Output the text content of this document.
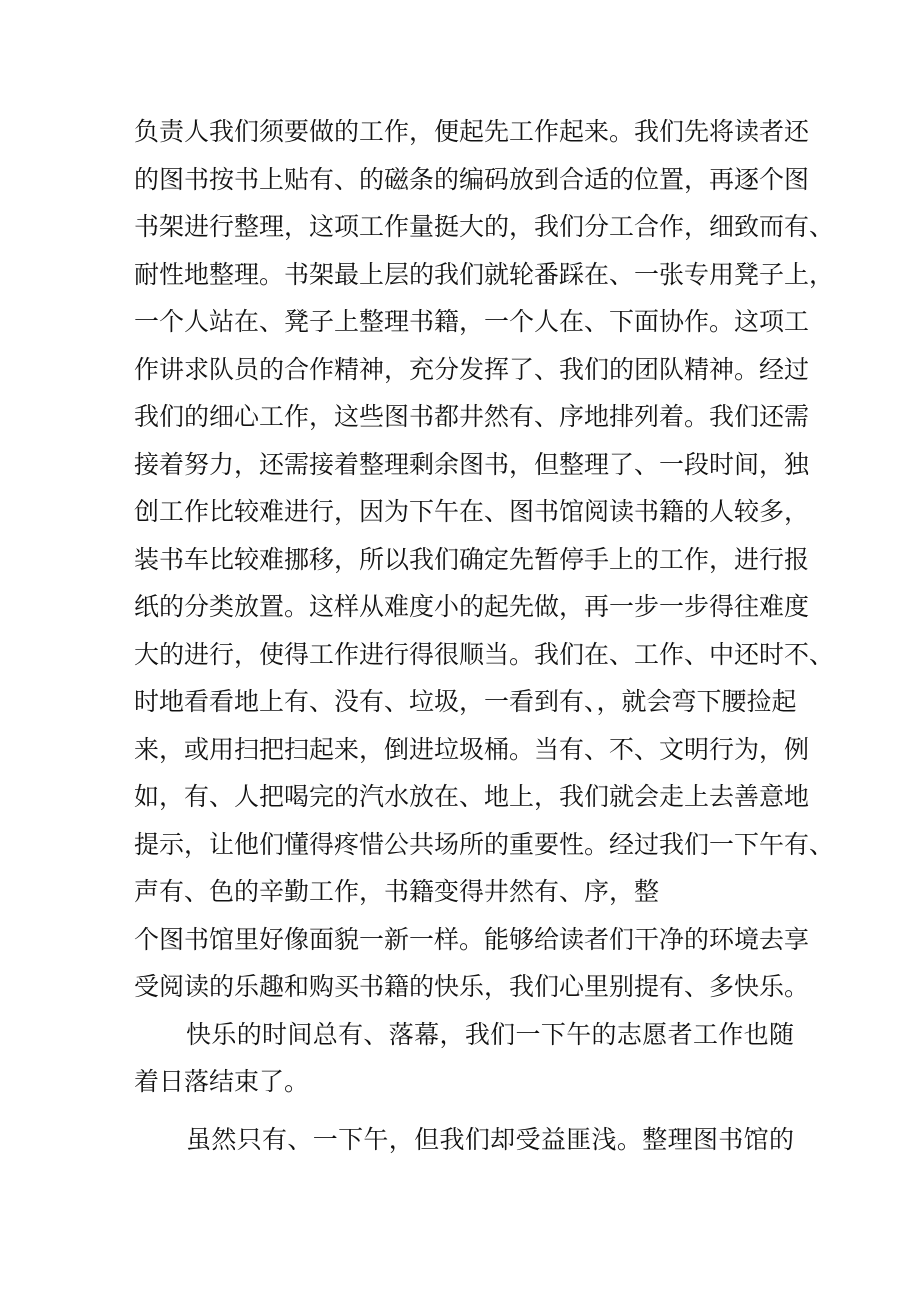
负责人我们须要做的工作，便起先工作起来。我们先将读者还
的图书按书上贴有、的磁条的编码放到合适的位置，再逐个图
书架进行整理，这项工作量挺大的，我们分工合作，细致而有、
耐性地整理。书架最上层的我们就轮番踩在、一张专用凳子上，
一个人站在、凳子上整理书籍，一个人在、下面协作。这项工
作讲求队员的合作精神，充分发挥了、我们的团队精神。经过
我们的细心工作，这些图书都井然有、序地排列着。我们还需
接着努力，还需接着整理剩余图书，但整理了、一段时间，独
创工作比较难进行，因为下午在、图书馆阅读书籍的人较多，
装书车比较难挪移，所以我们确定先暂停手上的工作，进行报
纸的分类放置。这样从难度小的起先做，再一步一步得往难度
大的进行，使得工作进行得很顺当。我们在、工作、中还时不、
时地看看地上有、没有、垃圾，一看到有、，就会弯下腰捡起
来，或用扫把扫起来，倒进垃圾桶。当有、不、文明行为，例
如，有、人把喝完的汽水放在、地上，我们就会走上去善意地
提示，让他们懂得疼惜公共场所的重要性。经过我们一下午有、
声有、色的辛勤工作，书籍变得井然有、序，整
个图书馆里好像面貌一新一样。能够给读者们干净的环境去享
受阅读的乐趣和购买书籍的快乐，我们心里别提有、多快乐。
快乐的时间总有、落幕，我们一下午的志愿者工作也随
着日落结束了。
虽然只有、一下午，但我们却受益匪浅。整理图书馆的
